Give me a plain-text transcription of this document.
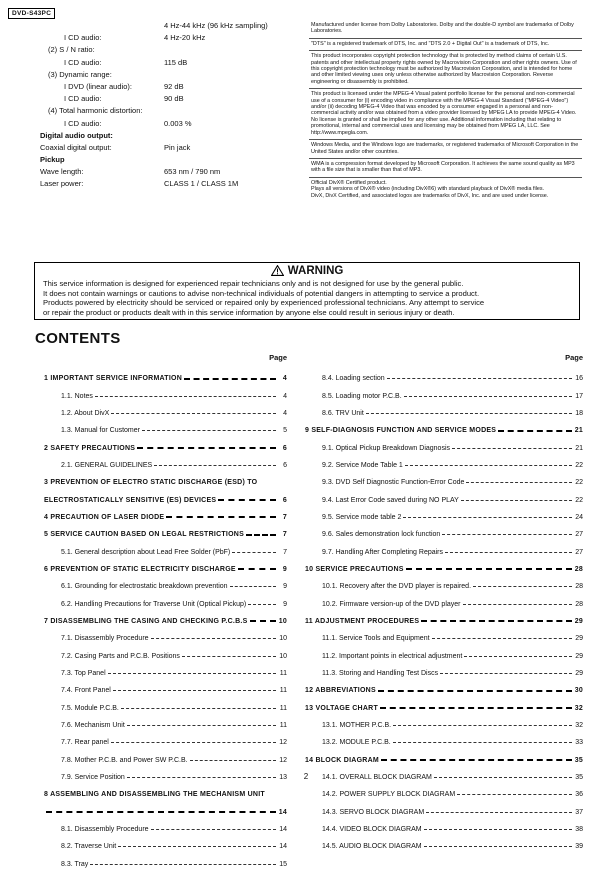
DVD-S43PC
4 Hz-44 kHz (96 kHz sampling)
I CD audio:	4 Hz-20 kHz
(2) S / N ratio:
I CD audio:	115 dB
(3) Dynamic range:
I DVD (linear audio):	92 dB
I CD audio:	90 dB
(4) Total harmonic distortion:
I CD audio:	0.003 %
Digital audio output:
Coaxial digital output:	Pin jack
Pickup
Wave length:	653 nm / 790 nm
Laser power:	CLASS 1 / CLASS 1M
Manufactured under license from Dolby Laboratories. Dolby and the double-D symbol are trademarks of Dolby Laboratories.
"DTS" is a registered trademark of DTS, Inc. and "DTS 2.0 + Digital Out" is a trademark of DTS, Inc.
This product incorporates copyright protection technology that is protected by method claims of certain U.S. patents and other intellectual property rights owned by Macrovision Corporation and other rights owners. Use of this copyright protection technology must be authorized by Macrovision Corporation, and is intended for home and other limited viewing uses only unless otherwise authorized by Macrovision Corporation. Reverse engineering or disassembly is prohibited.
This product is licensed under the MPEG-4 Visual patent portfolio license for the personal and non-commercial use of a consumer for (i) encoding video in compliance with the MPEG-4 Visual Standard ("MPEG-4 Video") and/or (ii) decoding MPEG-4 Video that was encoded by a consumer engaged in a personal and non-commercial activity and/or was obtained from a video provider licensed by MPEG LA to provide MPEG-4 Video. No license is granted or shall be implied for any other use. Additional information including that relating to promotional, internal and commercial uses and licensing may be obtained from MPEG LA, LLC. See http://www.mpegla.com.
Windows Media, and the Windows logo are trademarks, or registered trademarks of Microsoft Corporation in the United States and/or other countries.
WMA is a compression format developed by Microsoft Corporation. It achieves the same sound quality as MP3 with a file size that is smaller than that of MP3.
Official DivX® Certified product.
Plays all versions of DivX® video (including DivX®6) with standard playback of DivX® media files.
DivX, DivX Certified, and associated logos are trademarks of DivX, Inc. and are used under license.
WARNING
This service information is designed for experienced repair technicians only and is not designed for use by the general public.
It does not contain warnings or cautions to advise non-technical individuals of potential dangers in attempting to service a product.
Products powered by electricity should be serviced or repaired only by experienced professional technicians. Any attempt to service
or repair the product or products dealt with in this service information by anyone else could result in serious injury or death.
CONTENTS
Page
1 IMPORTANT SERVICE INFORMATION	4
1.1. Notes	4
1.2. About DivX	4
1.3. Manual for Customer	5
2 SAFETY PRECAUTIONS	6
2.1. GENERAL GUIDELINES	6
3 PREVENTION OF ELECTRO STATIC DISCHARGE (ESD) TO
ELECTROSTATICALLY SENSITIVE (ES) DEVICES	6
4 PRECAUTION OF LASER DIODE	7
5 SERVICE CAUTION BASED ON LEGAL RESTRICTIONS	7
5.1. General description about Lead Free Solder (PbF)	7
6 PREVENTION OF STATIC ELECTRICITY DISCHARGE	9
6.1. Grounding for electrostatic breakdown prevention	9
6.2. Handling Precautions for Traverse Unit (Optical Pickup)	9
7 DISASSEMBLING THE CASING AND CHECKING P.C.B.S	10
7.1. Disassembly Procedure	10
7.2. Casing Parts and P.C.B. Positions	10
7.3. Top Panel	11
7.4. Front Panel	11
7.5. Module P.C.B.	11
7.6. Mechanism Unit	11
7.7. Rear panel	12
7.8. Mother P.C.B. and Power SW P.C.B.	12
7.9. Service Position	13
8 ASSEMBLING AND DISASSEMBLING THE MECHANISM UNIT
14
8.1. Disassembly Procedure	14
8.2. Traverse Unit	14
8.3. Tray	15
Page
8.4. Loading section	16
8.5. Loading motor P.C.B.	17
8.6. TRV Unit	18
9 SELF-DIAGNOSIS FUNCTION AND SERVICE MODES	21
9.1. Optical Pickup Breakdown Diagnosis	21
9.2. Service Mode Table 1	22
9.3. DVD Self Diagnostic Function-Error Code	22
9.4. Last Error Code saved during NO PLAY	22
9.5. Service mode table 2	24
9.6. Sales demonstration lock function	27
9.7. Handling After Completing Repairs	27
10 SERVICE PRECAUTIONS	28
10.1. Recovery after the DVD player is repaired.	28
10.2. Firmware version-up of the DVD player	28
11 ADJUSTMENT PROCEDURES	29
11.1. Service Tools and Equipment	29
11.2. Important points in electrical adjustment	29
11.3. Storing and Handling Test Discs	29
12 ABBREVIATIONS	30
13 VOLTAGE CHART	32
13.1. MOTHER P.C.B.	32
13.2. MODULE P.C.B.	33
14 BLOCK DIAGRAM	35
14.1. OVERALL BLOCK DIAGRAM	35
14.2. POWER SUPPLY BLOCK DIAGRAM	36
14.3. SERVO BLOCK DIAGRAM	37
14.4. VIDEO BLOCK DIAGRAM	38
14.5. AUDIO BLOCK DIAGRAM	39
2
